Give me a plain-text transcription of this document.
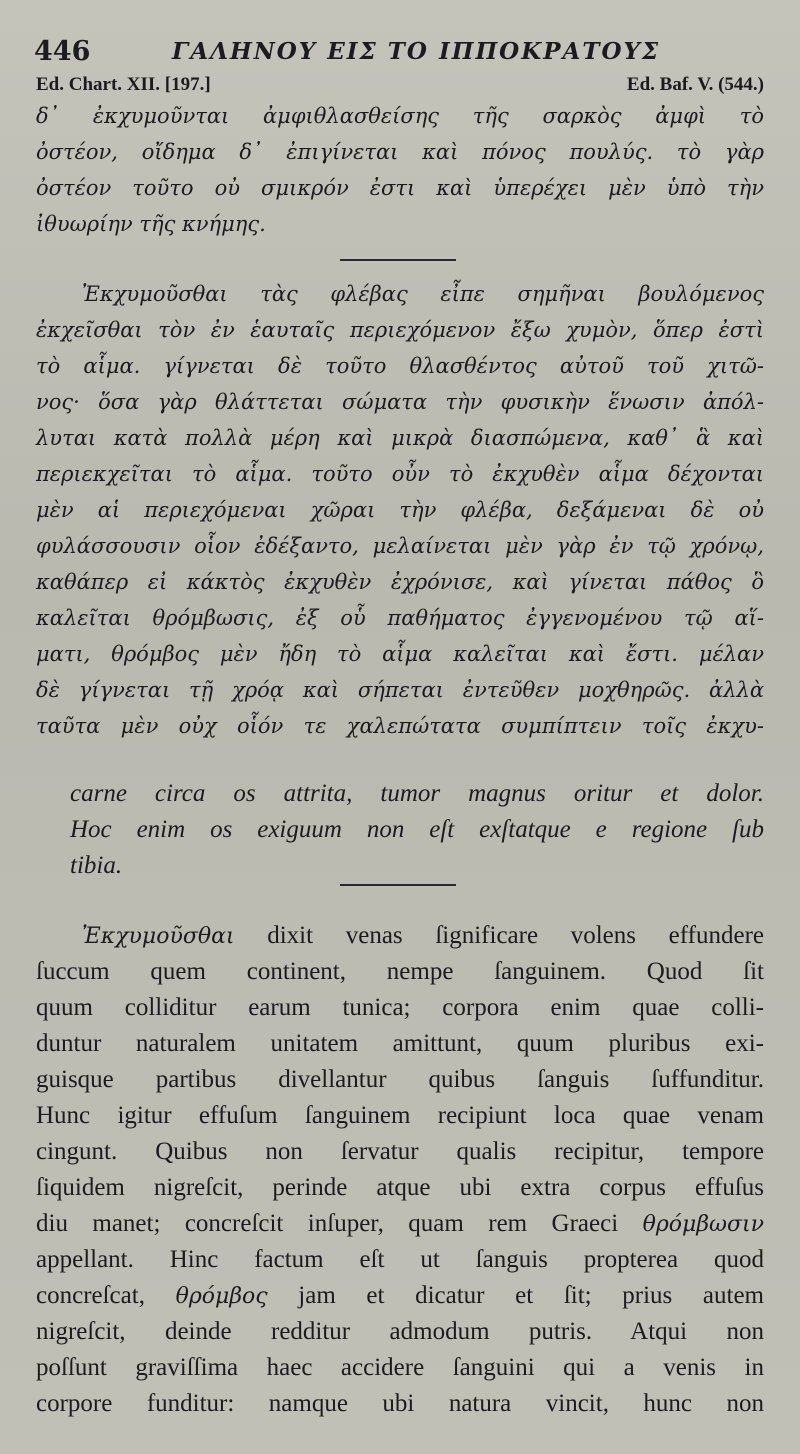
446	ΓΑΛΗΝΟΥ ΕΙΣ ΤΟ ΙΠΠΟΚΡΑΤΟΥΣ
Ed. Chart. XII. [197.]	Ed. Baf. V. (544.)
δ᾽ ἐκχυμοῦνται ἀμφιθλασθείσης τῆς σαρκὸς ἀμφὶ τὸ
ὀστέον, οἴδημα δ᾽ ἐπιγίνεται καὶ πόνος πουλύς. τὸ γὰρ
ὀστέον τοῦτο οὐ σμικρόν ἐστι καὶ ὑπερέχει μὲν ὑπὸ τὴν
ἰθυωρίην τῆς κνήμης.
Ἐκχυμοῦσθαι τὰς φλέβας εἶπε σημῆναι βουλόμενος
ἐκχεῖσθαι τὸν ἐν ἑαυταῖς περιεχόμενον ἔξω χυμὸν, ὅπερ ἐστὶ
τὸ αἷμα. γίγνεται δὲ τοῦτο θλασθέντος αὐτοῦ τοῦ χιτῶ-
νος· ὅσα γὰρ θλάττεται σώματα τὴν φυσικὴν ἕνωσιν ἀπόλ-
λυται κατὰ πολλὰ μέρη καὶ μικρὰ διασπώμενα, καθ᾽ ἃ καὶ
περιεκχεῖται τὸ αἷμα. τοῦτο οὖν τὸ ἐκχυθὲν αἷμα δέχονται
μὲν αἱ περιεχόμεναι χῶραι τὴν φλέβα, δεξάμεναι δὲ οὐ
φυλάσσουσιν οἷον ἐδέξαντο, μελαίνεται μὲν γὰρ ἐν τῷ χρόνῳ,
καθάπερ εἰ κάκτὸς ἐκχυθὲν ἐχρόνισε, καὶ γίνεται πάθος ὃ
καλεῖται θρόμβωσις, ἐξ οὗ παθήματος ἐγγενομένου τῷ αἵ-
ματι, θρόμβος μὲν ἤδη τὸ αἷμα καλεῖται καὶ ἔστι. μέλαν
δὲ γίγνεται τῇ χρόᾳ καὶ σήπεται ἐντεῦθεν μοχθηρῶς. ἀλλὰ
ταῦτα μὲν οὐχ οἷόν τε χαλεπώτατα συμπίπτειν τοῖς ἐκχυ-
carne circa os attrita, tumor magnus oritur et dolor.
Hoc enim os exiguum non eſt exſtatque e regione ſub
tibia.
Ἐκχυμοῦσθαι dixit venas ſignificare volens effundere
ſuccum quem continent, nempe ſanguinem. Quod ſit
quum colliditur earum tunica; corpora enim quae colli-
duntur naturalem unitatem amittunt, quum pluribus exi-
guisque partibus divellantur quibus ſanguis ſuffunditur.
Hunc igitur effuſum ſanguinem recipiunt loca quae venam
cingunt. Quibus non ſervatur qualis recipitur, tempore
ſiquidem nigreſcit, perinde atque ubi extra corpus effuſus
diu manet; concreſcit inſuper, quam rem Graeci θρόμβωσιν
appellant. Hinc factum eſt ut ſanguis propterea quod
concreſcat, θρόμβος jam et dicatur et ſit; prius autem
nigreſcit, deinde redditur admodum putris. Atqui non
poſſunt graviſſima haec accidere ſanguini qui a venis in
corpore funditur: namque ubi natura vincit, hunc non
